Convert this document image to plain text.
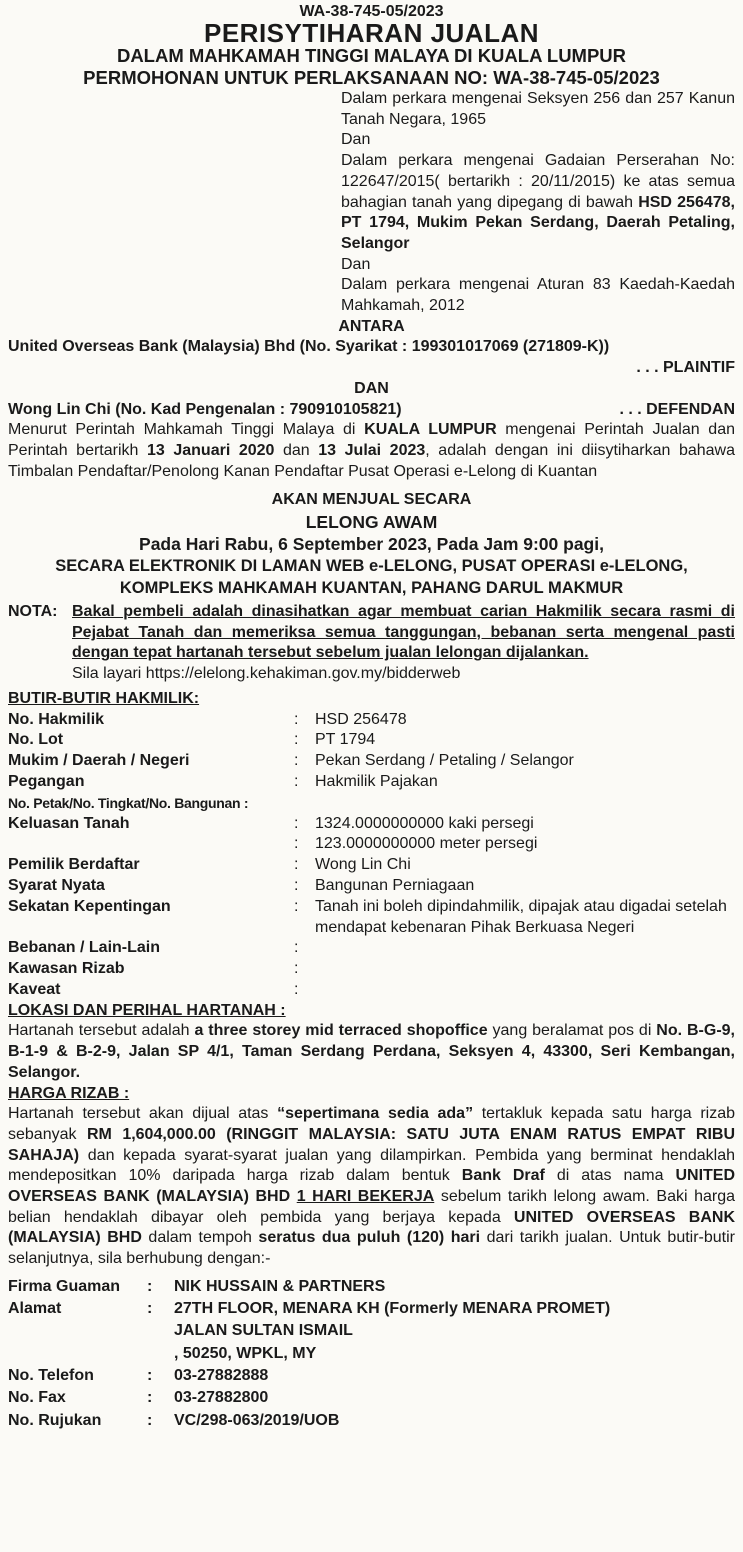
WA-38-745-05/2023
PERISYTIHARAN JUALAN
DALAM MAHKAMAH TINGGI MALAYA DI KUALA LUMPUR
PERMOHONAN UNTUK PERLAKSANAAN NO: WA-38-745-05/2023
Dalam perkara mengenai Seksyen 256 dan 257 Kanun Tanah Negara, 1965
Dan
Dalam perkara mengenai Gadaian Perserahan No: 122647/2015( bertarikh : 20/11/2015) ke atas semua bahagian tanah yang dipegang di bawah HSD 256478, PT 1794, Mukim Pekan Serdang, Daerah Petaling, Selangor
Dan
Dalam perkara mengenai Aturan 83 Kaedah-Kaedah Mahkamah, 2012
ANTARA
United Overseas Bank (Malaysia) Bhd (No. Syarikat : 199301017069 (271809-K))
. . . PLAINTIF
DAN
Wong Lin Chi (No. Kad Pengenalan : 790910105821)	. . . DEFENDAN
Menurut Perintah Mahkamah Tinggi Malaya di KUALA LUMPUR mengenai Perintah Jualan dan Perintah bertarikh 13 Januari 2020 dan 13 Julai 2023, adalah dengan ini diisytiharkan bahawa Timbalan Pendaftar/Penolong Kanan Pendaftar Pusat Operasi e-Lelong di Kuantan
AKAN MENJUAL SECARA
LELONG AWAM
Pada Hari Rabu, 6 September 2023, Pada Jam 9:00 pagi,
SECARA ELEKTRONIK DI LAMAN WEB e-LELONG, PUSAT OPERASI e-LELONG,
KOMPLEKS MAHKAMAH KUANTAN, PAHANG DARUL MAKMUR
NOTA: Bakal pembeli adalah dinasihatkan agar membuat carian Hakmilik secara rasmi di Pejabat Tanah dan memeriksa semua tanggungan, bebanan serta mengenal pasti dengan tepat hartanah tersebut sebelum jualan lelongan dijalankan.
Sila layari https://elelong.kehakiman.gov.my/bidderweb
BUTIR-BUTIR HAKMILIK:
No. Hakmilik	:	HSD 256478
No. Lot	:	PT 1794
Mukim / Daerah / Negeri	:	Pekan Serdang / Petaling / Selangor
Pegangan	:	Hakmilik Pajakan
No. Petak/No. Tingkat/No. Bangunan :		
Keluasan Tanah	:	1324.0000000000 kaki persegi
	:	123.0000000000 meter persegi
Pemilik Berdaftar	:	Wong Lin Chi
Syarat Nyata	:	Bangunan Perniagaan
Sekatan Kepentingan	:	Tanah ini boleh dipindahmilik, dipajak atau digadai setelah mendapat kebenaran Pihak Berkuasa Negeri
Bebanan / Lain-Lain	:	
Kawasan Rizab	:	
Kaveat	:	
LOKASI DAN PERIHAL HARTANAH :
Hartanah tersebut adalah a three storey mid terraced shopoffice yang beralamat pos di No. B-G-9, B-1-9 & B-2-9, Jalan SP 4/1, Taman Serdang Perdana, Seksyen 4, 43300, Seri Kembangan, Selangor.
HARGA RIZAB :
Hartanah tersebut akan dijual atas “sepertimana sedia ada” tertakluk kepada satu harga rizab sebanyak RM 1,604,000.00 (RINGGIT MALAYSIA: SATU JUTA ENAM RATUS EMPAT RIBU SAHAJA) dan kepada syarat-syarat jualan yang dilampirkan. Pembida yang berminat hendaklah mendepositkan 10% daripada harga rizab dalam bentuk Bank Draf di atas nama UNITED OVERSEAS BANK (MALAYSIA) BHD 1 HARI BEKERJA sebelum tarikh lelong awam. Baki harga belian hendaklah dibayar oleh pembida yang berjaya kepada UNITED OVERSEAS BANK (MALAYSIA) BHD dalam tempoh seratus dua puluh (120) hari dari tarikh jualan. Untuk butir-butir selanjutnya, sila berhubung dengan:-
Firma Guaman	:	NIK HUSSAIN & PARTNERS
Alamat	:	27TH FLOOR, MENARA KH (Formerly MENARA PROMET)
		JALAN SULTAN ISMAIL
		, 50250, WPKL, MY
No. Telefon	:	03-27882888
No. Fax	:	03-27882800
No. Rujukan	:	VC/298-063/2019/UOB
